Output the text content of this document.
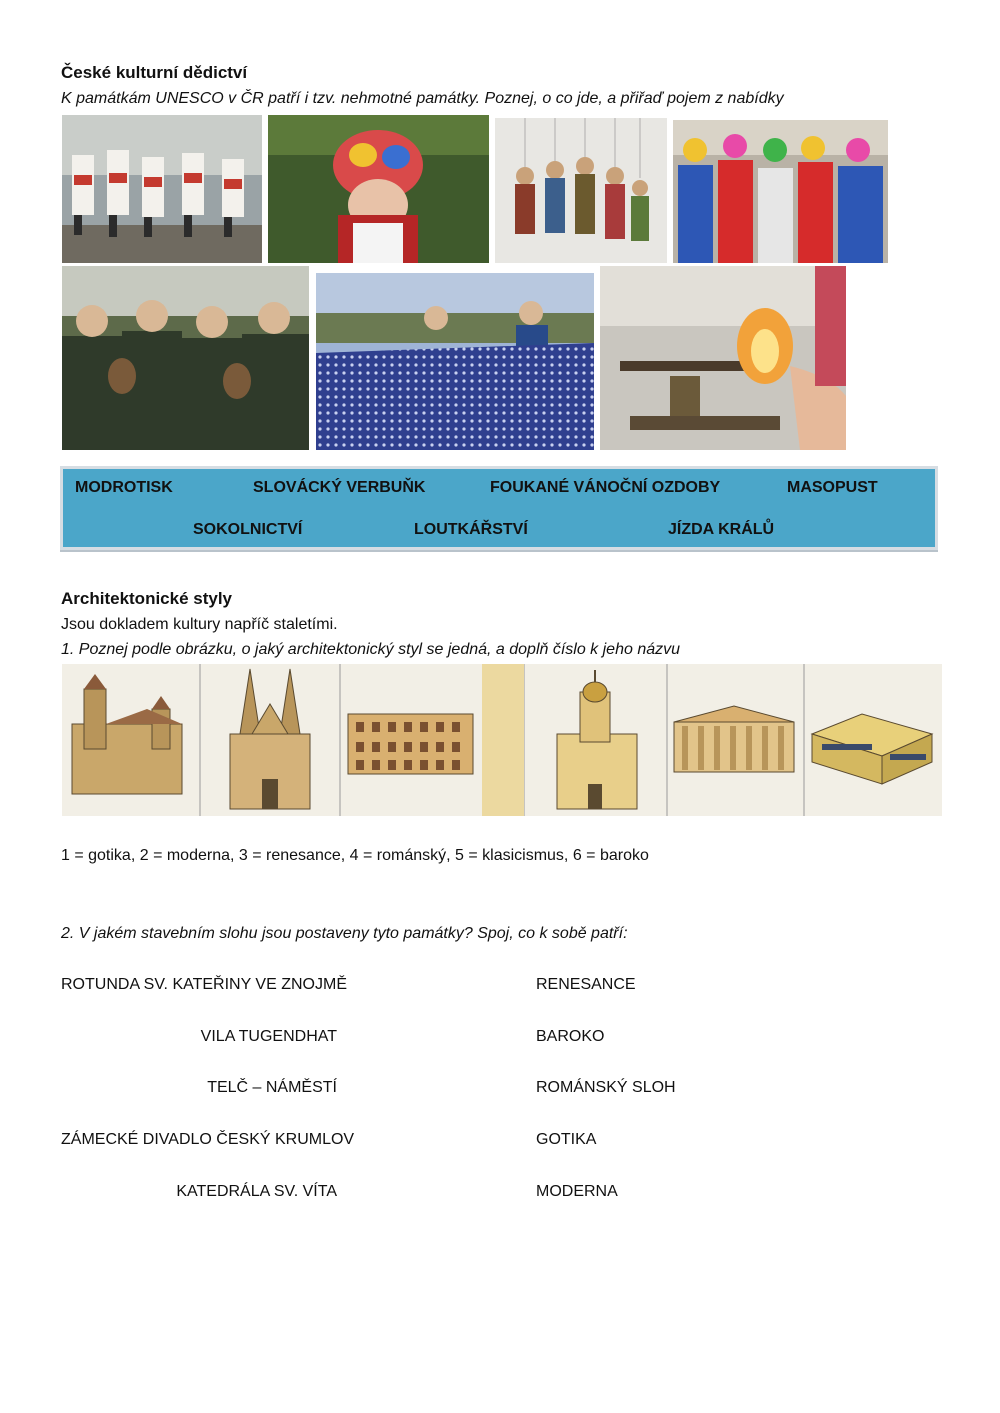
České kulturní dědictví
K památkám UNESCO v ČR patří i tzv. nehmotné památky. Poznej, o co jde, a přiřaď pojem z nabídky
MODROTISK	SLOVÁCKÝ VERBUŇK	FOUKANÉ VÁNOČNÍ OZDOBY	MASOPUST
SOKOLNICTVÍ	LOUTKÁŘSTVÍ	JÍZDA KRÁLŮ
Architektonické styly
Jsou dokladem kultury napříč staletími.
1. Poznej podle obrázku, o jaký architektonický styl se jedná, a doplň číslo k jeho názvu
1 = gotika, 2 = moderna, 3 = renesance, 4 = románský, 5 = klasicismus, 6 = baroko
2. V jakém stavebním slohu jsou postaveny tyto památky? Spoj, co k sobě patří:
ROTUNDA SV. KATEŘINY VE ZNOJMĚ
VILA TUGENDHAT
TELČ – NÁMĚSTÍ
ZÁMECKÉ DIVADLO ČESKÝ KRUMLOV
KATEDRÁLA SV. VÍTA
RENESANCE
BAROKO
ROMÁNSKÝ SLOH
GOTIKA
MODERNA
